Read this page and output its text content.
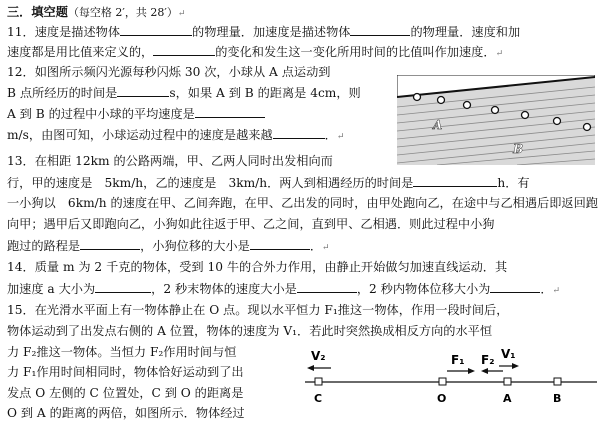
三．填空题（每空格 2′，共 28′）↵
11．速度是描述物体	的物理量．加速度是描述物体	的物理量．速度和加
速度都是用比值来定义的，	的变化和发生这一变化所用时间的比值叫作加速度．↵
12．如图所示频闪光源每秒闪烁 30 次，小球从 A 点运动到
B 点所经历的时间是	s，如果 A 到 B 的距离是 4cm，则
A 到 B 的过程中小球的平均速度是
m/s，由图可知，小球运动过程中的速度是越来越	．↵
A
B
13．在相距 12km 的公路两端，甲、乙两人同时出发相向而
行，甲的速度是　5km/h，乙的速度是　3km/h．两人到相遇经历的时间是	h．有
一小狗以　6km/h 的速度在甲、乙间奔跑，在甲、乙出发的同时，由甲处跑向乙，在途中与乙相遇后即返回跑
向甲；遇甲后又即跑向乙，小狗如此往返于甲、乙之间，直到甲、乙相遇．则此过程中小狗
跑过的路程是	，小狗位移的大小是	．↵
14．质量 m 为 2 千克的物体，受到 10 牛的合外力作用，由静止开始做匀加速直线运动．其
加速度 a 大小为	，2 秒末物体的速度大小是	，2 秒内物体位移大小为	．↵
15．在光滑水平面上有一物体静止在 O 点。现以水平恒力 F₁推这一物体，作用一段时间后，
物体运动到了出发点右侧的 A 位置，物体的速度为 V₁．若此时突然换成相反方向的水平恒
力 F₂推这一物体。当恒力 F₂作用时间与恒
力 F₁作用时间相同时，物体恰好运动到了出
发点 O 左侧的 C 位置处，C 到 O 的距离是
O 到 A 的距离的两倍，如图所示．物体经过
V₂	F₁ F₂ V₁
C	O	A	B
